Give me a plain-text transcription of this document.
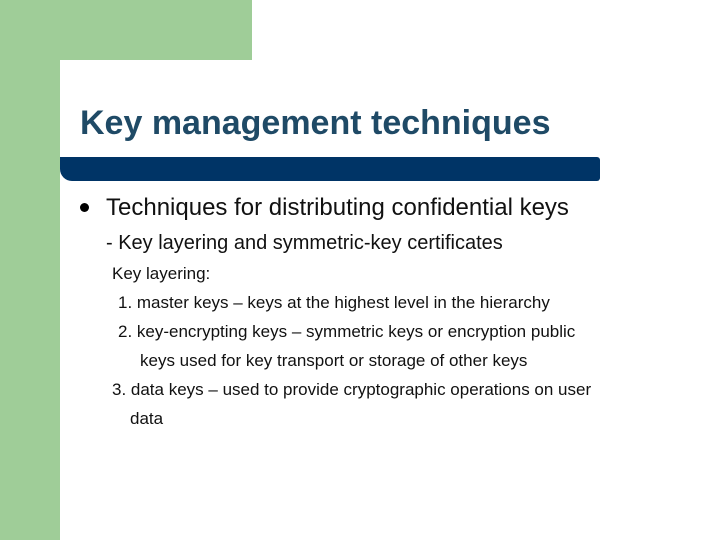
Key management techniques

Techniques for distributing confidential keys

- Key layering and symmetric-key certificates

Key layering:

1. master keys – keys at the highest level in the hierarchy

2. key-encrypting keys – symmetric keys or encryption public

keys used for key transport or storage of other keys

3. data keys – used to provide cryptographic operations on user

data
